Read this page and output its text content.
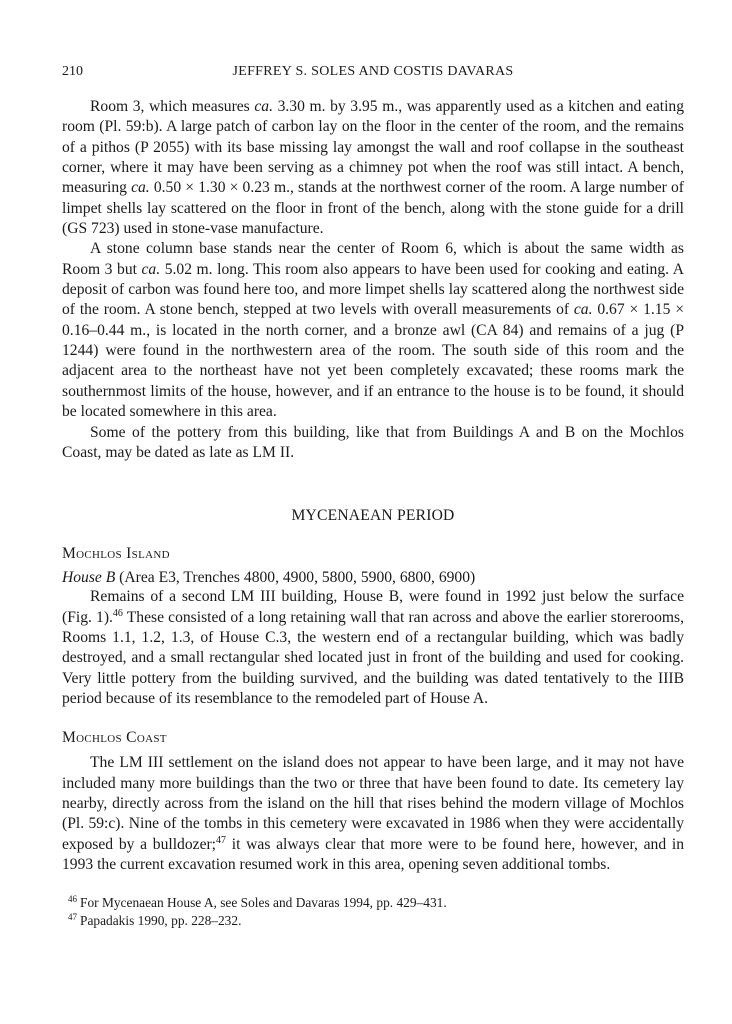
210	JEFFREY S. SOLES AND COSTIS DAVARAS

Room 3, which measures ca. 3.30 m. by 3.95 m., was apparently used as a kitchen and eating room (Pl. 59:b). A large patch of carbon lay on the floor in the center of the room, and the remains of a pithos (P 2055) with its base missing lay amongst the wall and roof collapse in the southeast corner, where it may have been serving as a chimney pot when the roof was still intact. A bench, measuring ca. 0.50 × 1.30 × 0.23 m., stands at the northwest corner of the room. A large number of limpet shells lay scattered on the floor in front of the bench, along with the stone guide for a drill (GS 723) used in stone-vase manufacture.

A stone column base stands near the center of Room 6, which is about the same width as Room 3 but ca. 5.02 m. long. This room also appears to have been used for cooking and eating. A deposit of carbon was found here too, and more limpet shells lay scattered along the northwest side of the room. A stone bench, stepped at two levels with overall measurements of ca. 0.67 × 1.15 × 0.16–0.44 m., is located in the north corner, and a bronze awl (CA 84) and remains of a jug (P 1244) were found in the northwestern area of the room. The south side of this room and the adjacent area to the northeast have not yet been completely excavated; these rooms mark the southernmost limits of the house, however, and if an entrance to the house is to be found, it should be located somewhere in this area.

Some of the pottery from this building, like that from Buildings A and B on the Mochlos Coast, may be dated as late as LM II.

MYCENAEAN PERIOD
Mochlos Island
House B (Area E3, Trenches 4800, 4900, 5800, 5900, 6800, 6900)

Remains of a second LM III building, House B, were found in 1992 just below the surface (Fig. 1).$^{46}$ These consisted of a long retaining wall that ran across and above the earlier storerooms, Rooms 1.1, 1.2, 1.3, of House C.3, the western end of a rectangular building, which was badly destroyed, and a small rectangular shed located just in front of the building and used for cooking. Very little pottery from the building survived, and the building was dated tentatively to the IIIB period because of its resemblance to the remodeled part of House A.

Mochlos Coast

The LM III settlement on the island does not appear to have been large, and it may not have included many more buildings than the two or three that have been found to date. Its cemetery lay nearby, directly across from the island on the hill that rises behind the modern village of Mochlos (Pl. 59:c). Nine of the tombs in this cemetery were excavated in 1986 when they were accidentally exposed by a bulldozer;$^{47}$ it was always clear that more were to be found here, however, and in 1993 the current excavation resumed work in this area, opening seven additional tombs.

$^{46}$ For Mycenaean House A, see Soles and Davaras 1994, pp. 429–431.
$^{47}$ Papadakis 1990, pp. 228–232.
